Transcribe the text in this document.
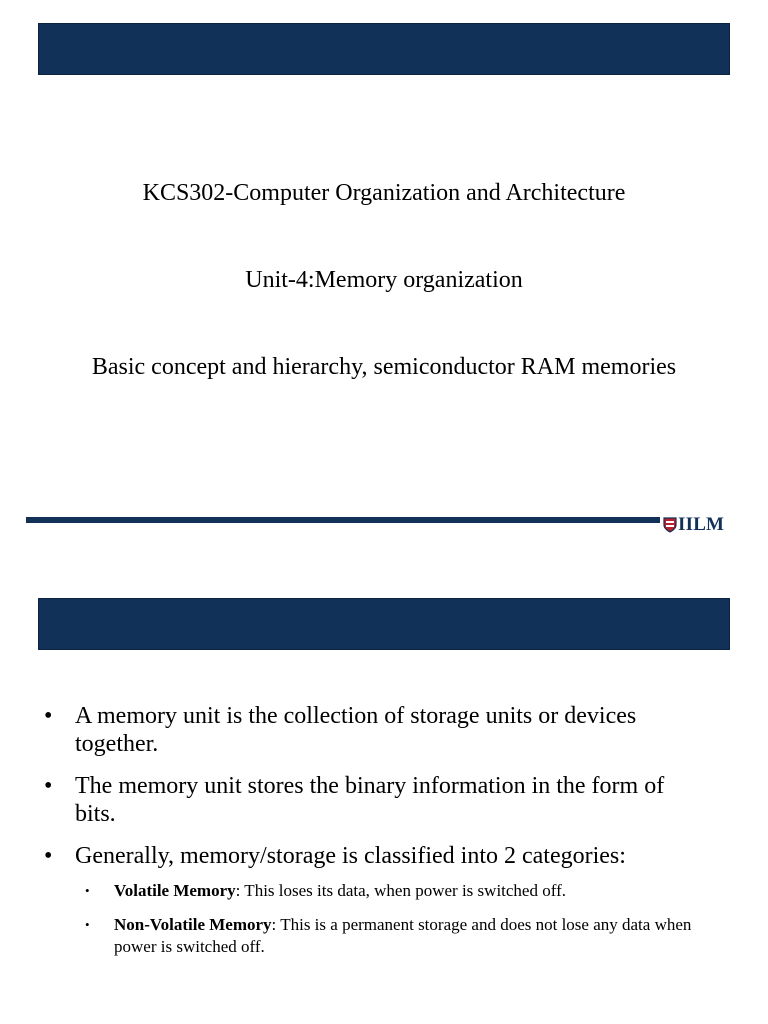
KCS302-Computer Organization and Architecture
Unit-4:Memory organization
Basic concept and hierarchy, semiconductor RAM memories
IILM
• A memory unit is the collection of storage units or devices together.
• The memory unit stores the binary information in the form of bits.
• Generally, memory/storage is classified into 2 categories:
• Volatile Memory: This loses its data, when power is switched off.
• Non-Volatile Memory: This is a permanent storage and does not lose any data when power is switched off.
